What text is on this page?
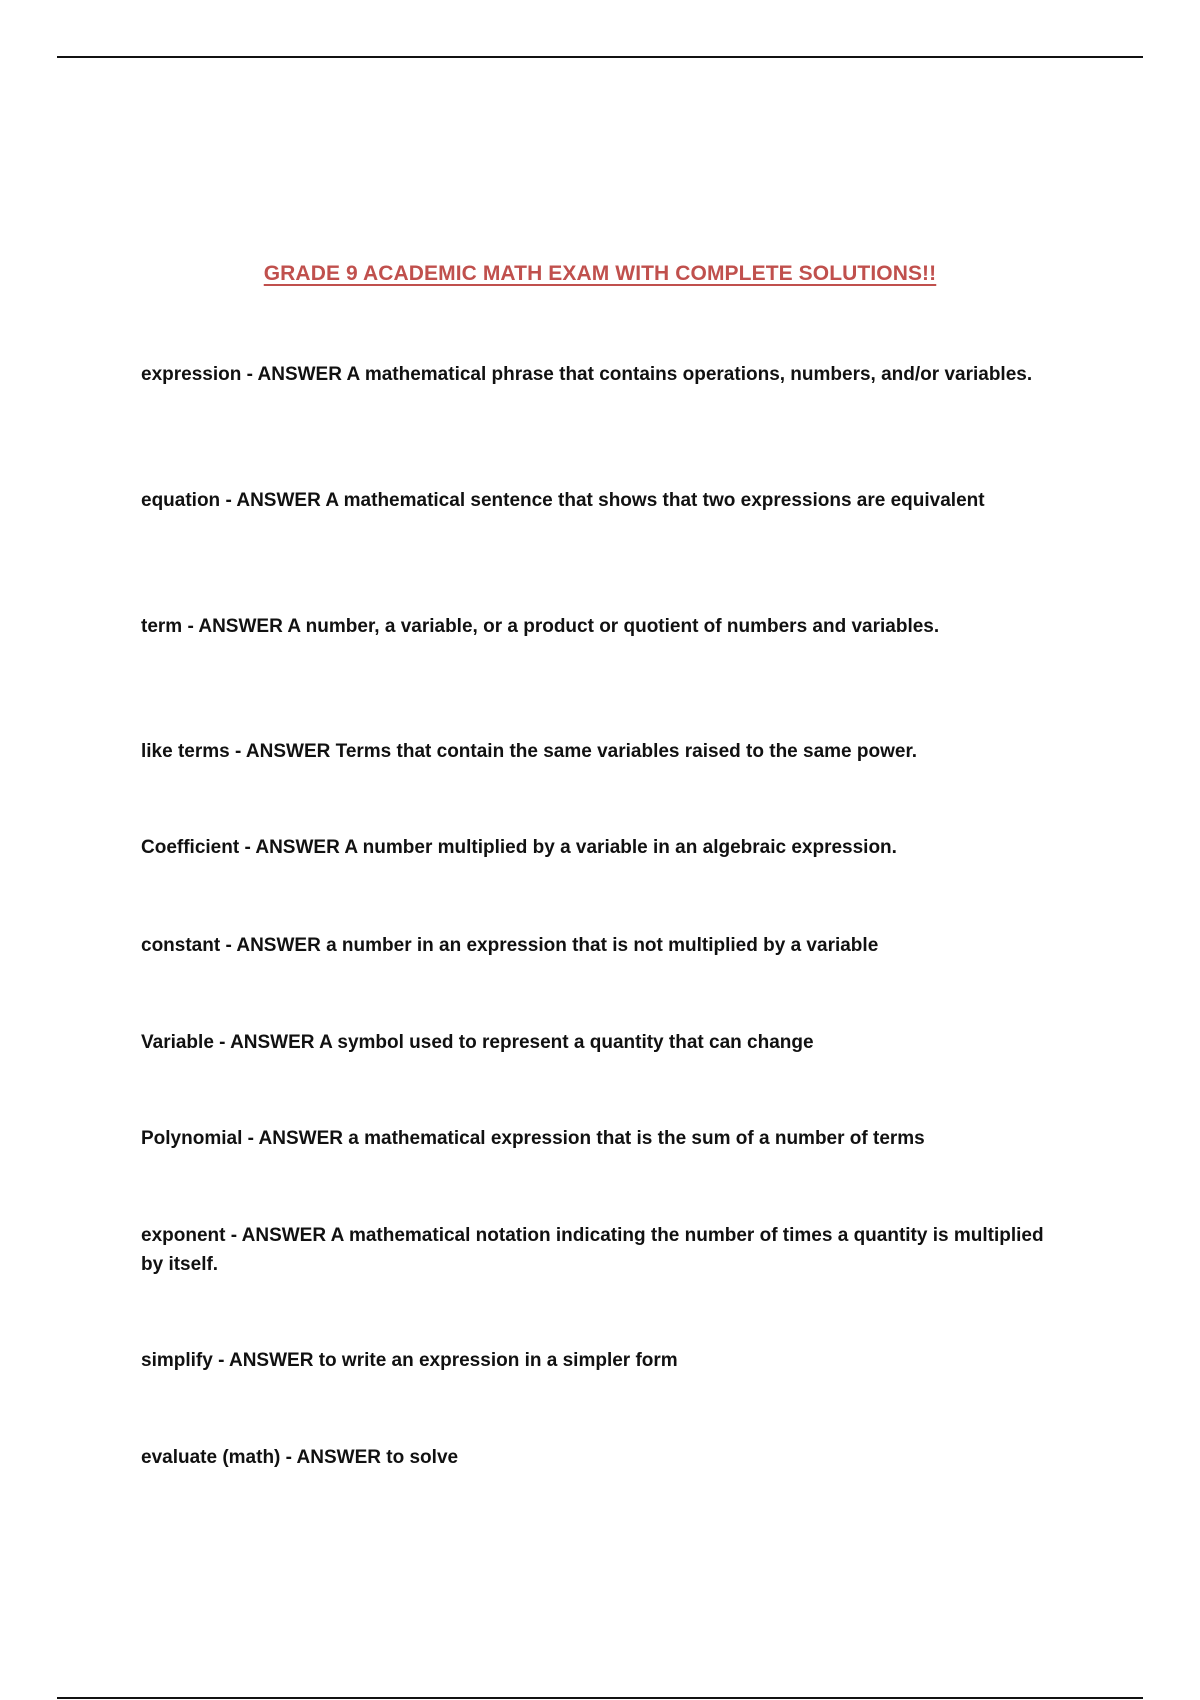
GRADE 9 ACADEMIC MATH EXAM WITH COMPLETE SOLUTIONS!!

expression - ANSWER A mathematical phrase that contains operations, numbers, and/or variables.

equation - ANSWER A mathematical sentence that shows that two expressions are equivalent

term - ANSWER A number, a variable, or a product or quotient of numbers and variables.

like terms - ANSWER Terms that contain the same variables raised to the same power.

Coefficient - ANSWER A number multiplied by a variable in an algebraic expression.

constant - ANSWER a number in an expression that is not multiplied by a variable

Variable - ANSWER A symbol used to represent a quantity that can change

Polynomial - ANSWER a mathematical expression that is the sum of a number of terms

exponent - ANSWER A mathematical notation indicating the number of times a quantity is multiplied by itself.

simplify - ANSWER to write an expression in a simpler form

evaluate (math) - ANSWER to solve
